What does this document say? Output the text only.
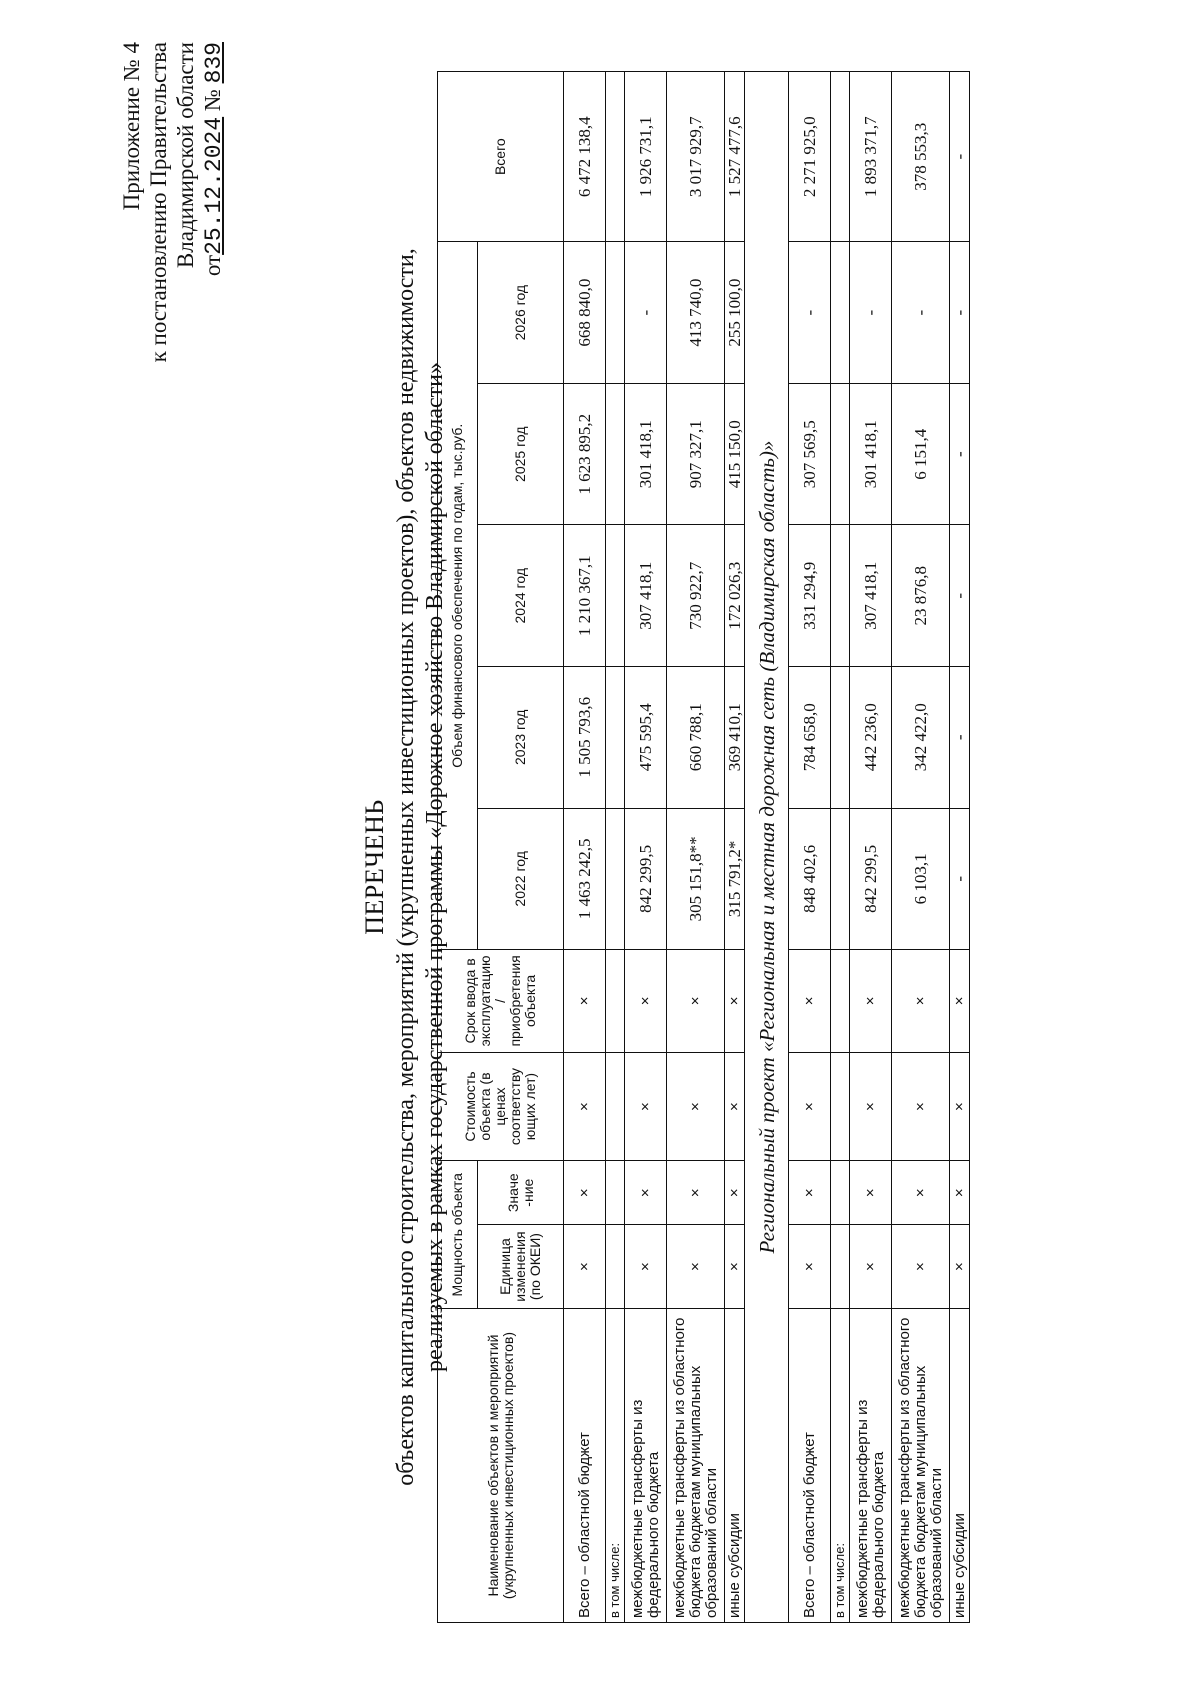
Приложение № 4 к постановлению Правительства Владимирской области от25.12.2024 № 839
ПЕРЕЧЕНЬ объектов капитального строительства, мероприятий (укрупненных инвестиционных проектов), объектов недвижимости, реализуемых в рамках государственной программы «Дорожное хозяйство Владимирской области»
Наименование объектов и мероприятий (укрупненных инвестиционных проектов)	Мощность объекта		Стоимость объекта (в ценах соответству ющих лет)	Срок ввода в эксплуатацию / приобретения объекта	Объем финансового обеспечения по годам, тыс.руб.					Всего
	Единица изменения (по ОКЕИ)	Значе -ние			2022 год	2023 год	2024 год	2025 год	2026 год	
Всего – областной бюджет	×	×	×	×	1 463 242,5	1 505 793,6	1 210 367,1	1 623 895,2	668 840,0	6 472 138,4
в том числе:										
межбюджетные трансферты из федерального бюджета	×	×	×	×	842 299,5	475 595,4	307 418,1	301 418,1	-	1 926 731,1
межбюджетные трансферты из областного бюджета бюджетам муниципальных образований области	×	×	×	×	305 151,8**	660 788,1	730 922,7	907 327,1	413 740,0	3 017 929,7
иные субсидии	×	×	×	×	315 791,2*	369 410,1	172 026,3	415 150,0	255 100,0	1 527 477,6
Региональный проект «Региональная и местная дорожная сеть (Владимирская область)»										
Всего – областной бюджет	×	×	×	×	848 402,6	784 658,0	331 294,9	307 569,5	-	2 271 925,0
в том числе:										
межбюджетные трансферты из федерального бюджета	×	×	×	×	842 299,5	442 236,0	307 418,1	301 418,1	-	1 893 371,7
межбюджетные трансферты из областного бюджета бюджетам муниципальных образований области	×	×	×	×	6 103,1	342 422,0	23 876,8	6 151,4	-	378 553,3
иные субсидии	×	×	×	×	-	-	-	-	-	-
